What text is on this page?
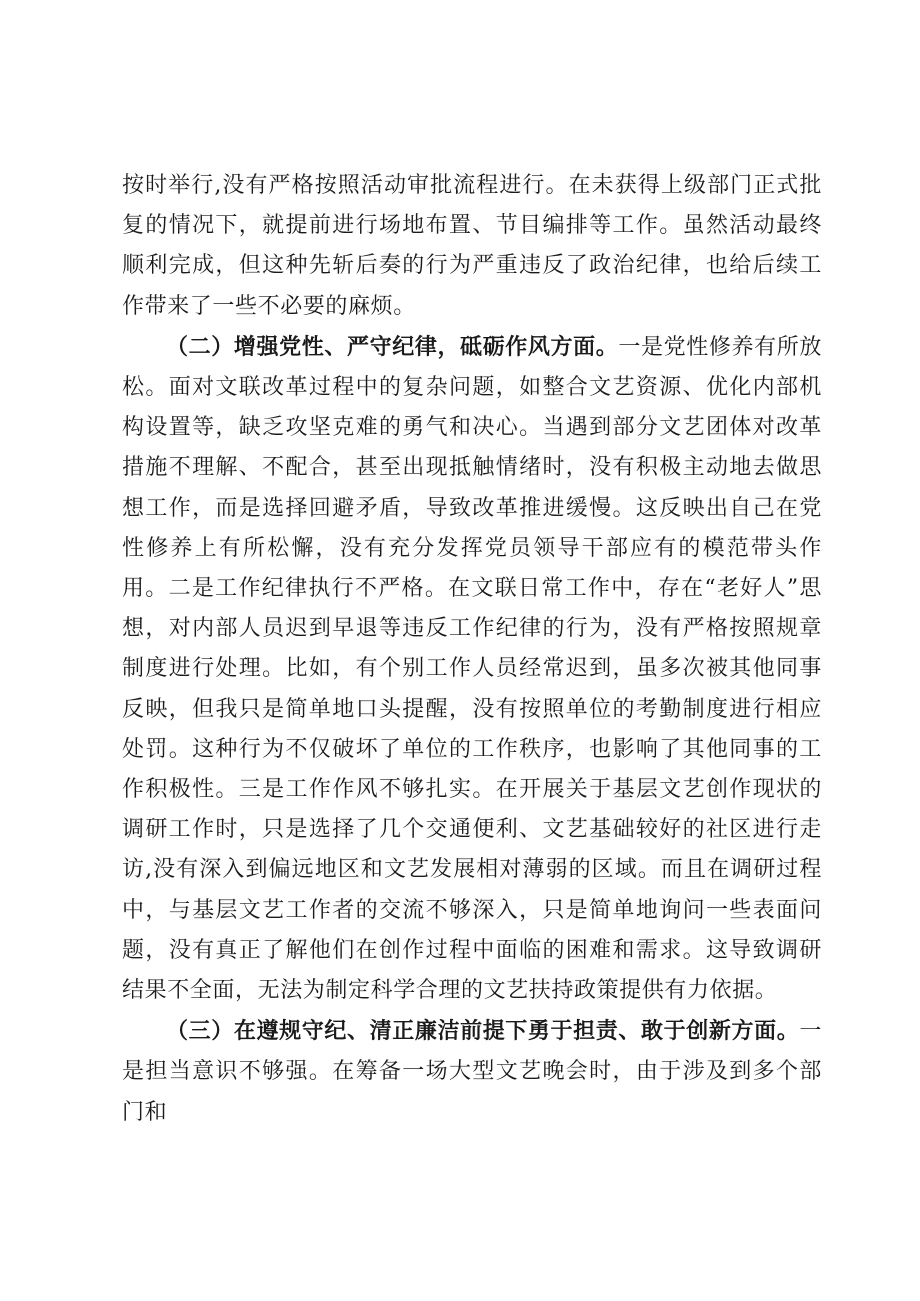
按时举行,没有严格按照活动审批流程进行。在未获得上级部门正式批复的情况下，就提前进行场地布置、节目编排等工作。虽然活动最终顺利完成，但这种先斩后奏的行为严重违反了政治纪律，也给后续工作带来了一些不必要的麻烦。

（二）增强党性、严守纪律，砥砺作风方面。一是党性修养有所放松。面对文联改革过程中的复杂问题，如整合文艺资源、优化内部机构设置等，缺乏攻坚克难的勇气和决心。当遇到部分文艺团体对改革措施不理解、不配合，甚至出现抵触情绪时，没有积极主动地去做思想工作，而是选择回避矛盾，导致改革推进缓慢。这反映出自己在党性修养上有所松懈，没有充分发挥党员领导干部应有的模范带头作用。二是工作纪律执行不严格。在文联日常工作中，存在“老好人”思想，对内部人员迟到早退等违反工作纪律的行为，没有严格按照规章制度进行处理。比如，有个别工作人员经常迟到，虽多次被其他同事反映，但我只是简单地口头提醒，没有按照单位的考勤制度进行相应处罚。这种行为不仅破坏了单位的工作秩序，也影响了其他同事的工作积极性。三是工作作风不够扎实。在开展关于基层文艺创作现状的调研工作时，只是选择了几个交通便利、文艺基础较好的社区进行走访,没有深入到偏远地区和文艺发展相对薄弱的区域。而且在调研过程中，与基层文艺工作者的交流不够深入，只是简单地询问一些表面问题，没有真正了解他们在创作过程中面临的困难和需求。这导致调研结果不全面，无法为制定科学合理的文艺扶持政策提供有力依据。

（三）在遵规守纪、清正廉洁前提下勇于担责、敢于创新方面。一是担当意识不够强。在筹备一场大型文艺晚会时，由于涉及到多个部门和
